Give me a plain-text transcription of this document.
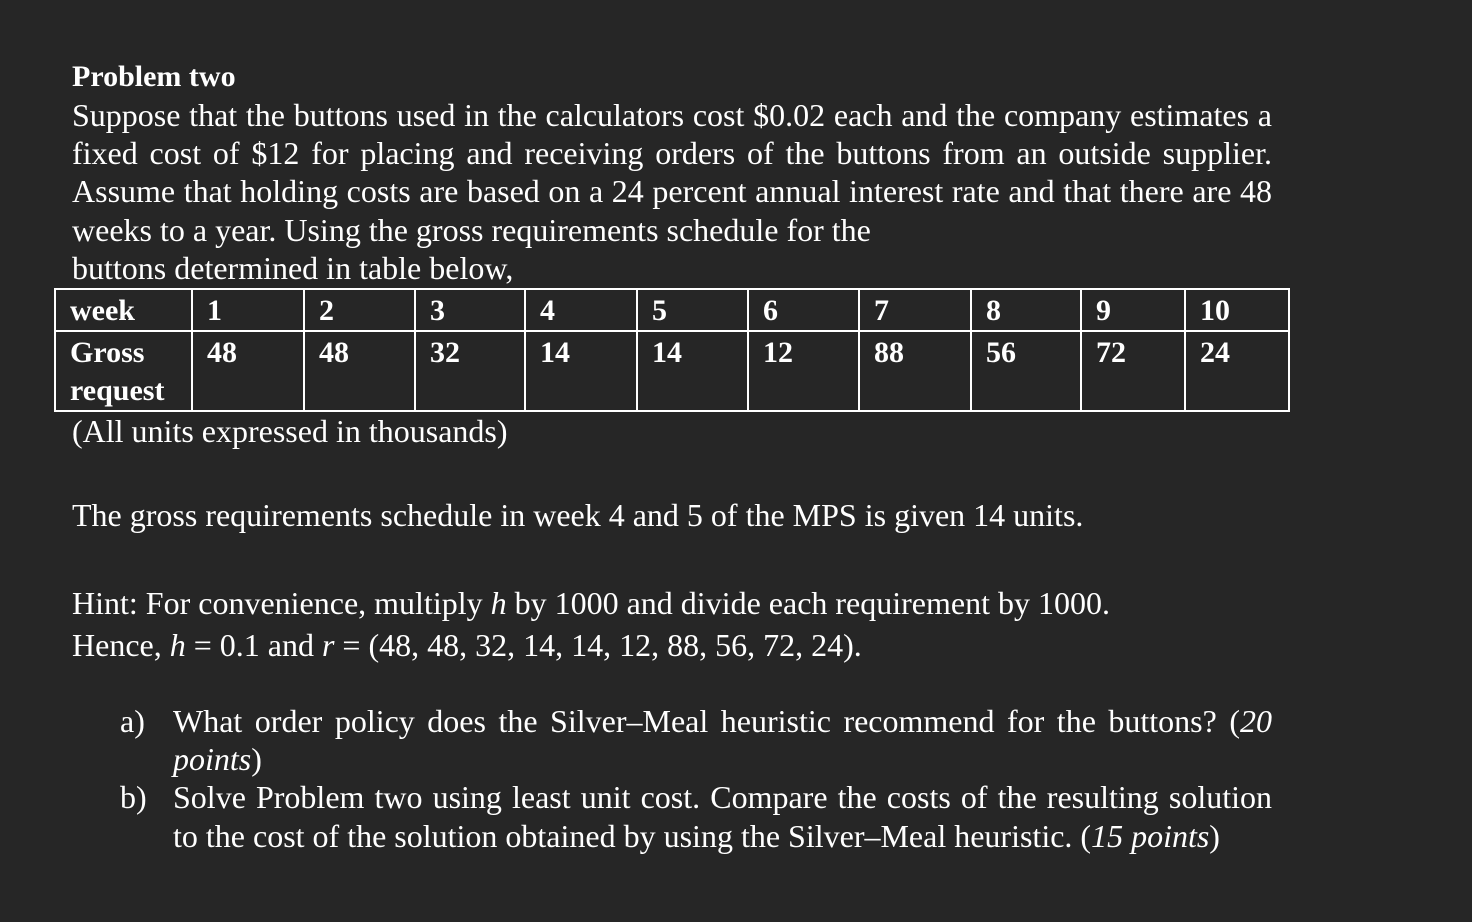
Problem two

Suppose that the buttons used in the calculators cost $0.02 each and the company estimates a fixed cost of $12 for placing and receiving orders of the buttons from an outside supplier. Assume that holding costs are based on a 24 percent annual interest rate and that there are 48 weeks to a year. Using the gross requirements schedule for the
buttons determined in table below,

week	1	2	3	4	5	6	7	8	9	10
Gross request	48	48	32	14	14	12	88	56	72	24

(All units expressed in thousands)

The gross requirements schedule in week 4 and 5 of the MPS is given 14 units.

Hint: For convenience, multiply h by 1000 and divide each requirement by 1000.
Hence, h = 0.1 and r = (48, 48, 32, 14, 14, 12, 88, 56, 72, 24).

a) What order policy does the Silver–Meal heuristic recommend for the buttons? (20 points)
b) Solve Problem two using least unit cost. Compare the costs of the resulting solution to the cost of the solution obtained by using the Silver–Meal heuristic. (15 points)
